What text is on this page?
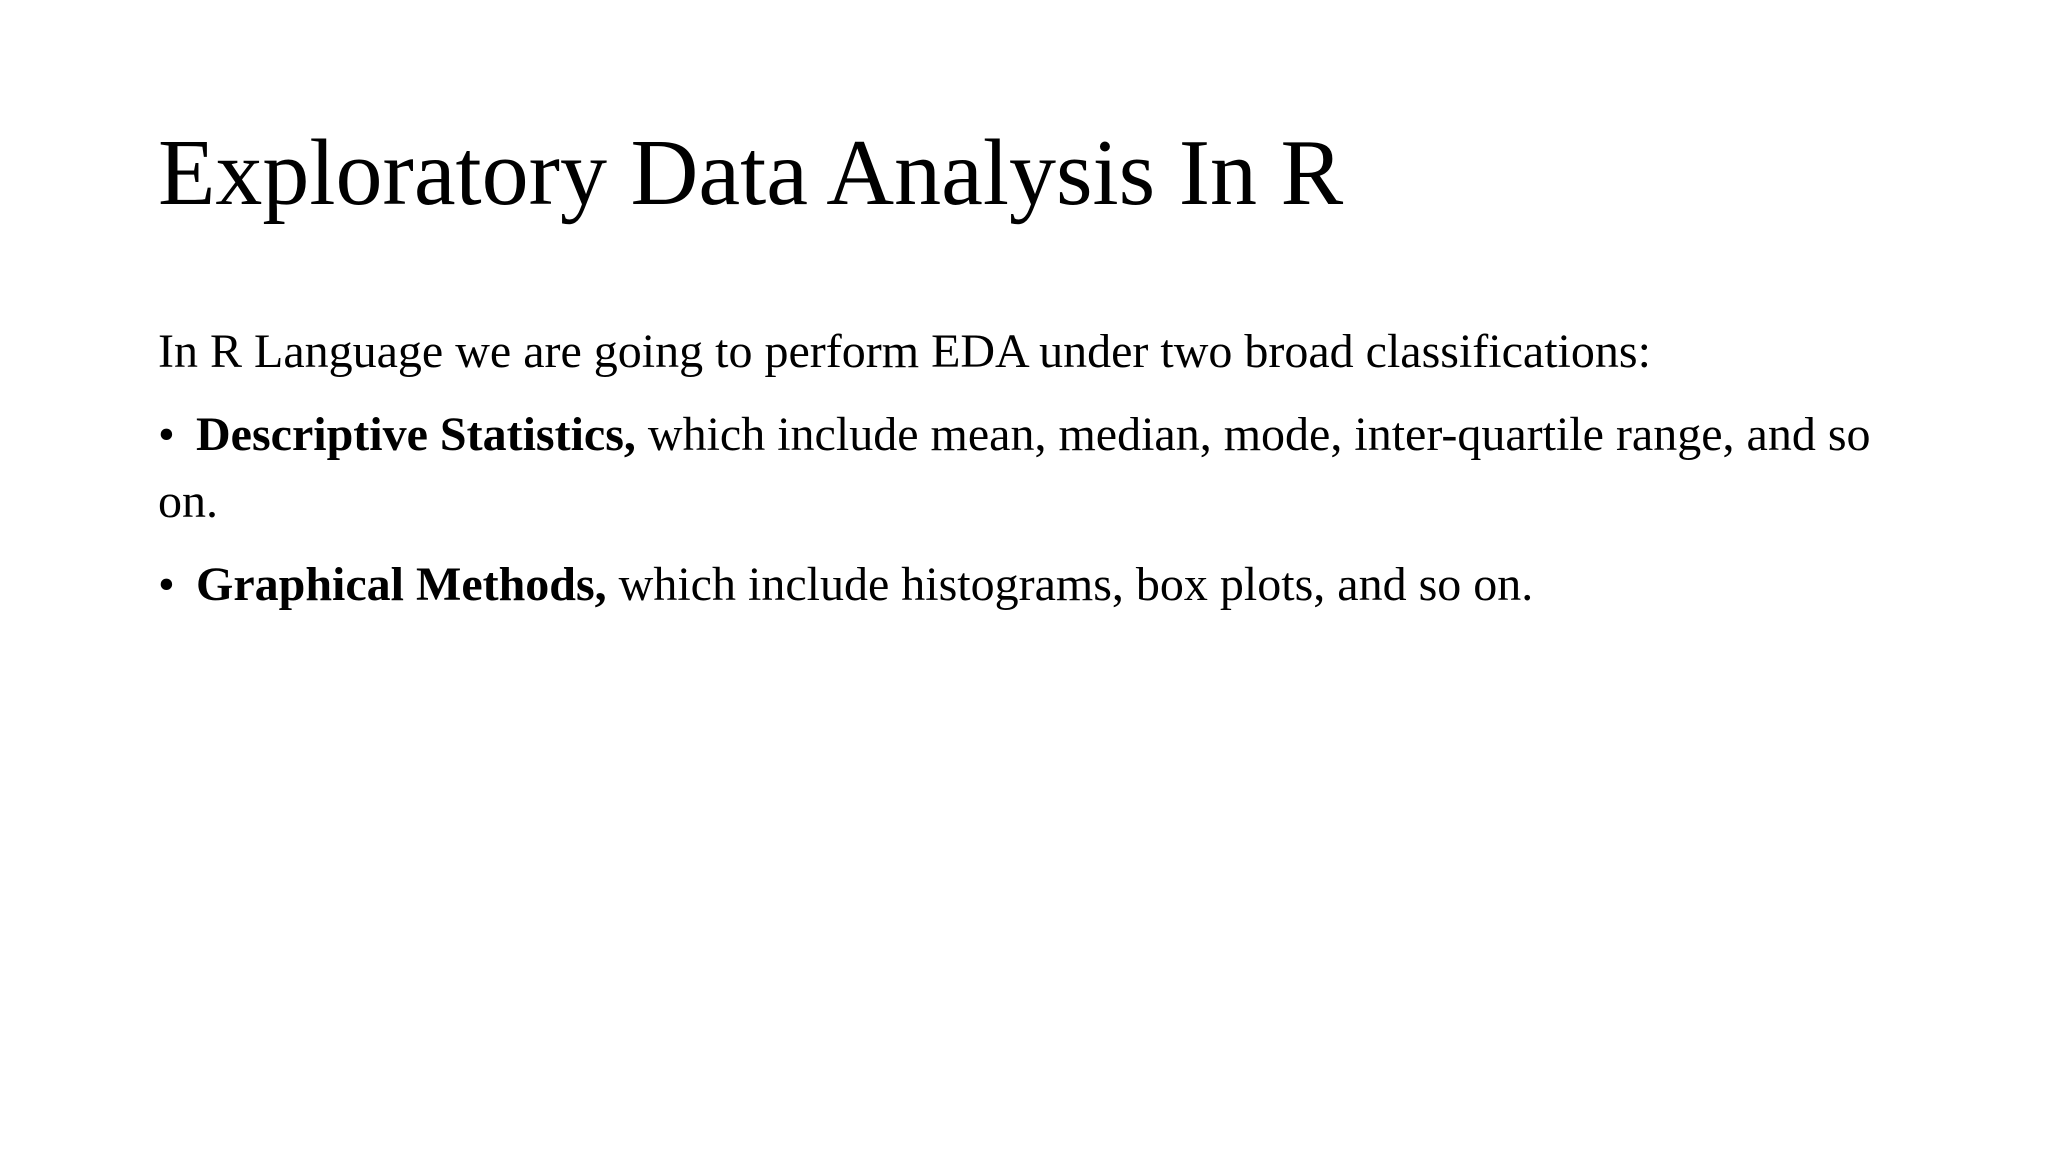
Exploratory Data Analysis In R

In R Language we are going to perform EDA under two broad classifications:

• Descriptive Statistics, which include mean, median, mode, inter-quartile range, and so on.

• Graphical Methods, which include histograms, box plots, and so on.
